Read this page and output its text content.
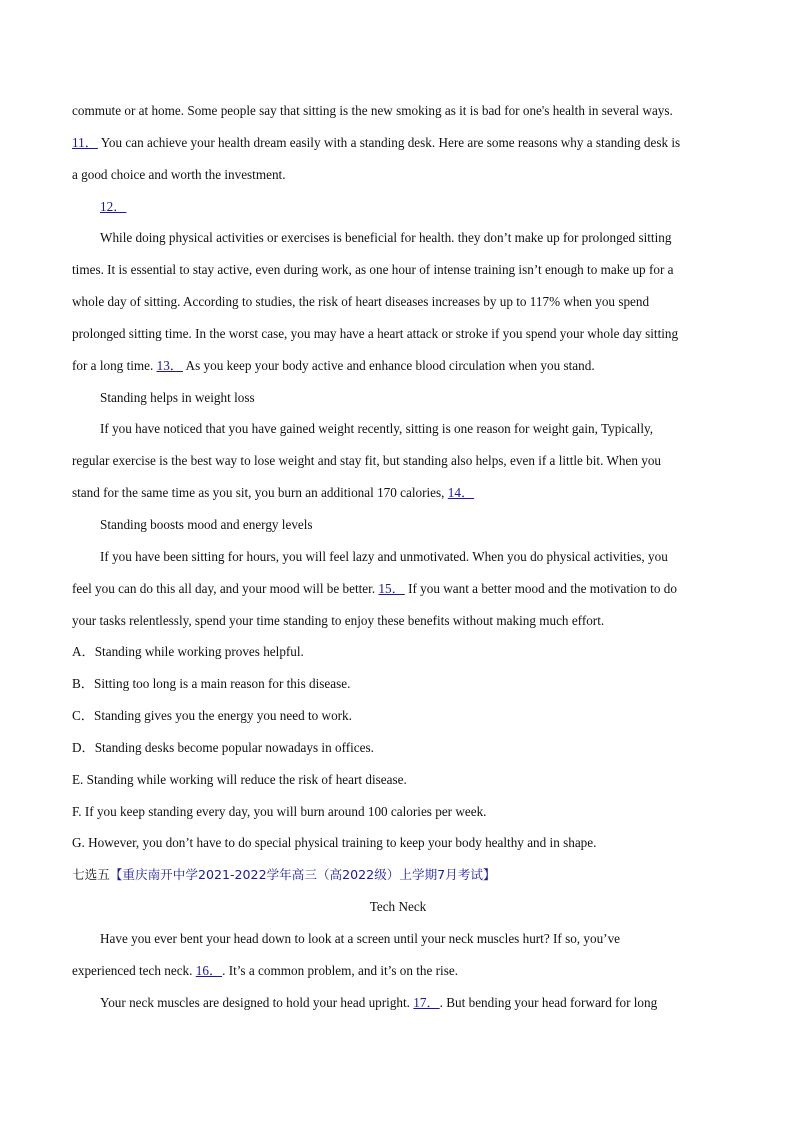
commute or at home. Some people say that sitting is the new smoking as it is bad for one's health in several ways.
11． You can achieve your health dream easily with a standing desk. Here are some reasons why a standing desk is
a good choice and worth the investment.
12．
While doing physical activities or exercises is beneficial for health. they don’t make up for prolonged sitting
times. It is essential to stay active, even during work, as one hour of intense training isn’t enough to make up for a
whole day of sitting. According to studies, the risk of heart diseases increases by up to 117% when you spend
prolonged sitting time. In the worst case, you may have a heart attack or stroke if you spend your whole day sitting
for a long time. 13． As you keep your body active and enhance blood circulation when you stand.
Standing helps in weight loss
If you have noticed that you have gained weight recently, sitting is one reason for weight gain, Typically,
regular exercise is the best way to lose weight and stay fit, but standing also helps, even if a little bit. When you
stand for the same time as you sit, you burn an additional 170 calories, 14．
Standing boosts mood and energy levels
If you have been sitting for hours, you will feel lazy and unmotivated. When you do physical activities, you
feel you can do this all day, and your mood will be better. 15． If you want a better mood and the motivation to do
your tasks relentlessly, spend your time standing to enjoy these benefits without making much effort.
A．Standing while working proves helpful.
B．Sitting too long is a main reason for this disease.
C．Standing gives you the energy you need to work.
D．Standing desks become popular nowadays in offices.
E. Standing while working will reduce the risk of heart disease.
F. If you keep standing every day, you will burn around 100 calories per week.
G. However, you don’t have to do special physical training to keep your body healthy and in shape.
七选五【重庆南开中学2021-2022学年高三（高2022级）上学期7月考试】
Tech Neck
Have you ever bent your head down to look at a screen until your neck muscles hurt? If so, you’ve
experienced tech neck. 16．. It’s a common problem, and it’s on the rise.
Your neck muscles are designed to hold your head upright. 17．. But bending your head forward for long
